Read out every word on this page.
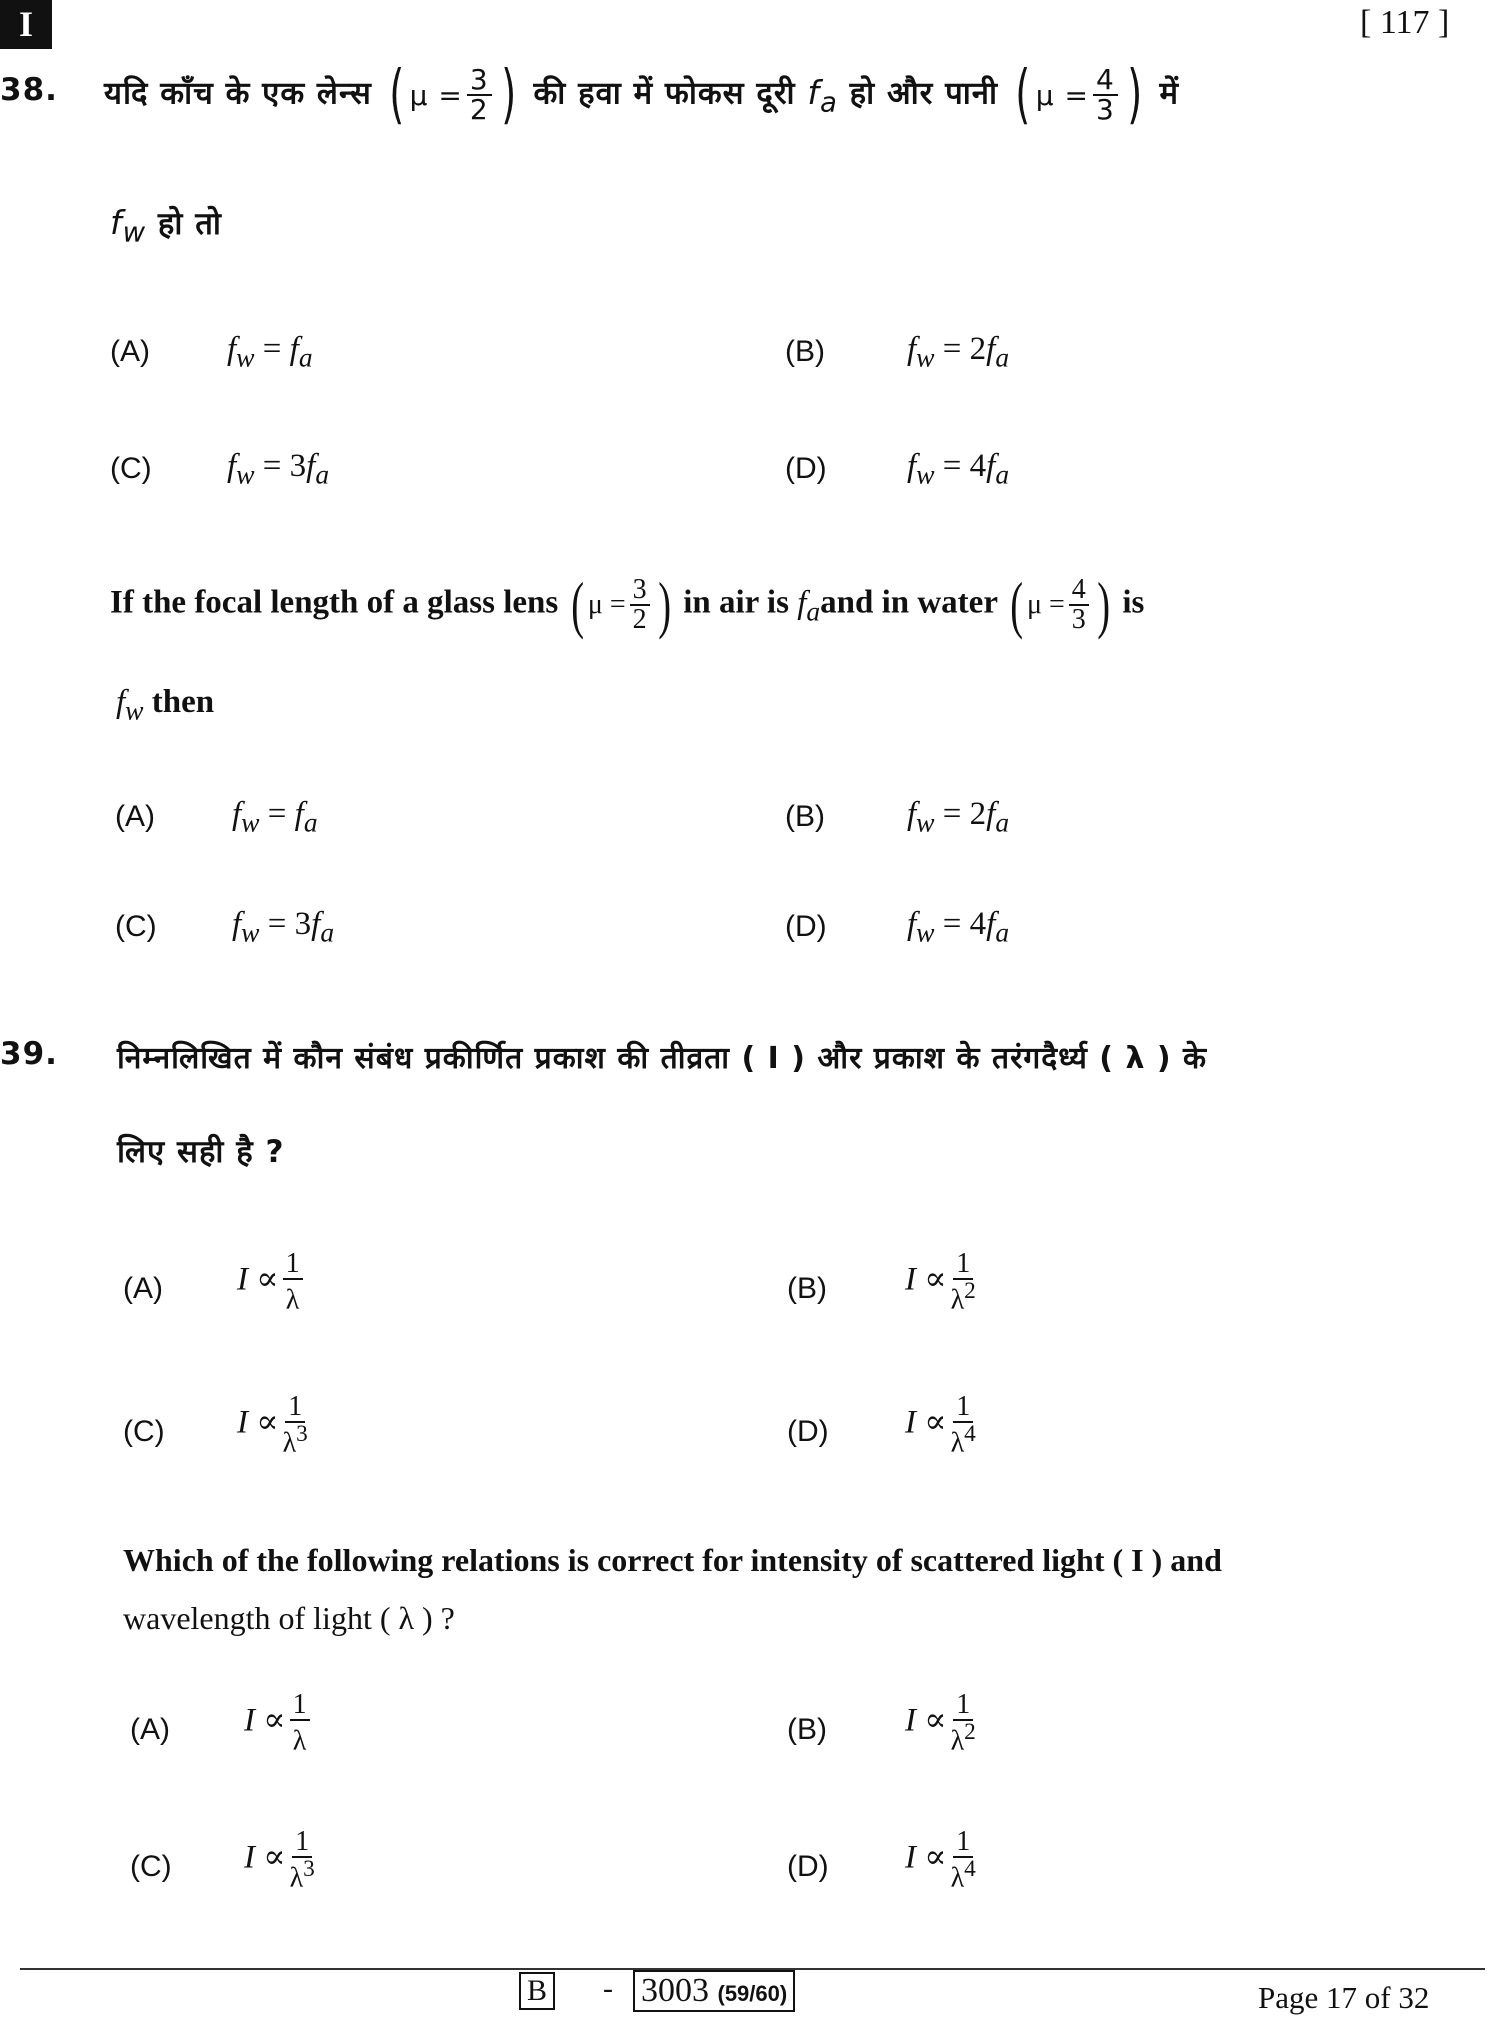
I	[ 117 ]
38. यदि काँच के एक लेन्स ( $\mu = \frac{3}{2}$ ) की हवा में फोकस दूरी $f_a$ हो और पानी ( $\mu = \frac{4}{3}$ ) में
$f_w$ हो तो
If the focal length of a glass lens ( $\mu = \frac{3}{2}$ ) in air is $f_aand$ in water ( $\mu = \frac{4}{3}$ ) is
$f_w$ then
(A) $f_w = f_a$	(B) $f_w = 2f_a$
(C) $f_w = 3f_a$	(D) $f_w = 4f_a$
(A) $f_w = f_a$	(B) $f_w = 2f_a$
(C) $f_w = 3f_a$	(D) $f_w = 4f_a$
39. निम्नलिखित में कौन संबंध प्रकीर्णित प्रकाश की तीव्रता ( I ) और प्रकाश के तरंगदैर्ध्य ( λ ) के
लिए सही है ?
Which of the following relations is correct for intensity of scattered light ( I ) and
wavelength of light ( λ ) ?
(A) $I \propto \frac{1}{\lambda}$	(B) $I \propto \frac{1}{\lambda^2}$
(C) $I \propto \frac{1}{\lambda^3}$	(D) $I \propto \frac{1}{\lambda^4}$
(A) $I \propto \frac{1}{\lambda}$	(B) $I \propto \frac{1}{\lambda^2}$
(C) $I \propto \frac{1}{\lambda^3}$	(D) $I \propto \frac{1}{\lambda^4}$
B - 3003 (59/60)	Page 17 of 32
